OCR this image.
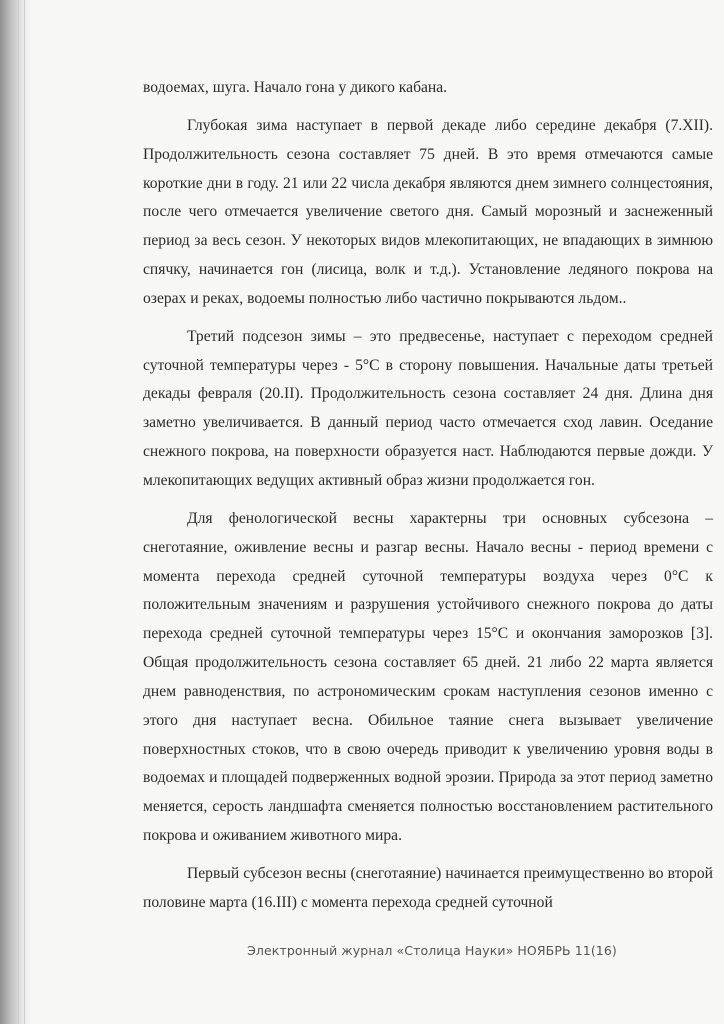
водоемах, шуга. Начало гона у дикого кабана.

Глубокая зима наступает в первой декаде либо середине декабря (7.XII). Продолжительность сезона составляет 75 дней. В это время отмечаются самые короткие дни в году. 21 или 22 числа декабря являются днем зимнего солнцестояния, после чего отмечается увеличение светого дня. Самый морозный и заснеженный период за весь сезон. У некоторых видов млекопитающих, не впадающих в зимнюю спячку, начинается гон (лисица, волк и т.д.). Установление ледяного покрова на озерах и реках, водоемы полностью либо частично покрываются льдом..

Третий подсезон зимы – это предвесенье, наступает с переходом средней суточной температуры через - 5°С в сторону повышения. Начальные даты третьей декады февраля (20.II). Продолжительность сезона составляет 24 дня. Длина дня заметно увеличивается. В данный период часто отмечается сход лавин. Оседание снежного покрова, на поверхности образуется наст. Наблюдаются первые дожди. У млекопитающих ведущих активный образ жизни продолжается гон.

Для фенологической весны характерны три основных субсезона – снеготаяние, оживление весны и разгар весны. Начало весны - период времени с момента перехода средней суточной температуры воздуха через 0°С к положительным значениям и разрушения устойчивого снежного покрова до даты перехода средней суточной температуры через 15°С и окончания заморозков [3]. Общая продолжительность сезона составляет 65 дней. 21 либо 22 марта является днем равноденствия, по астрономическим срокам наступления сезонов именно с этого дня наступает весна. Обильное таяние снега вызывает увеличение поверхностных стоков, что в свою очередь приводит к увеличению уровня воды в водоемах и площадей подверженных водной эрозии. Природа за этот период заметно меняется, серость ландшафта сменяется полностью восстановлением растительного покрова и оживанием животного мира.

Первый субсезон весны (снеготаяние) начинается преимущественно во второй половине марта (16.III) с момента перехода средней суточной

Электронный журнал «Столица Науки» НОЯБРЬ 11(16)
